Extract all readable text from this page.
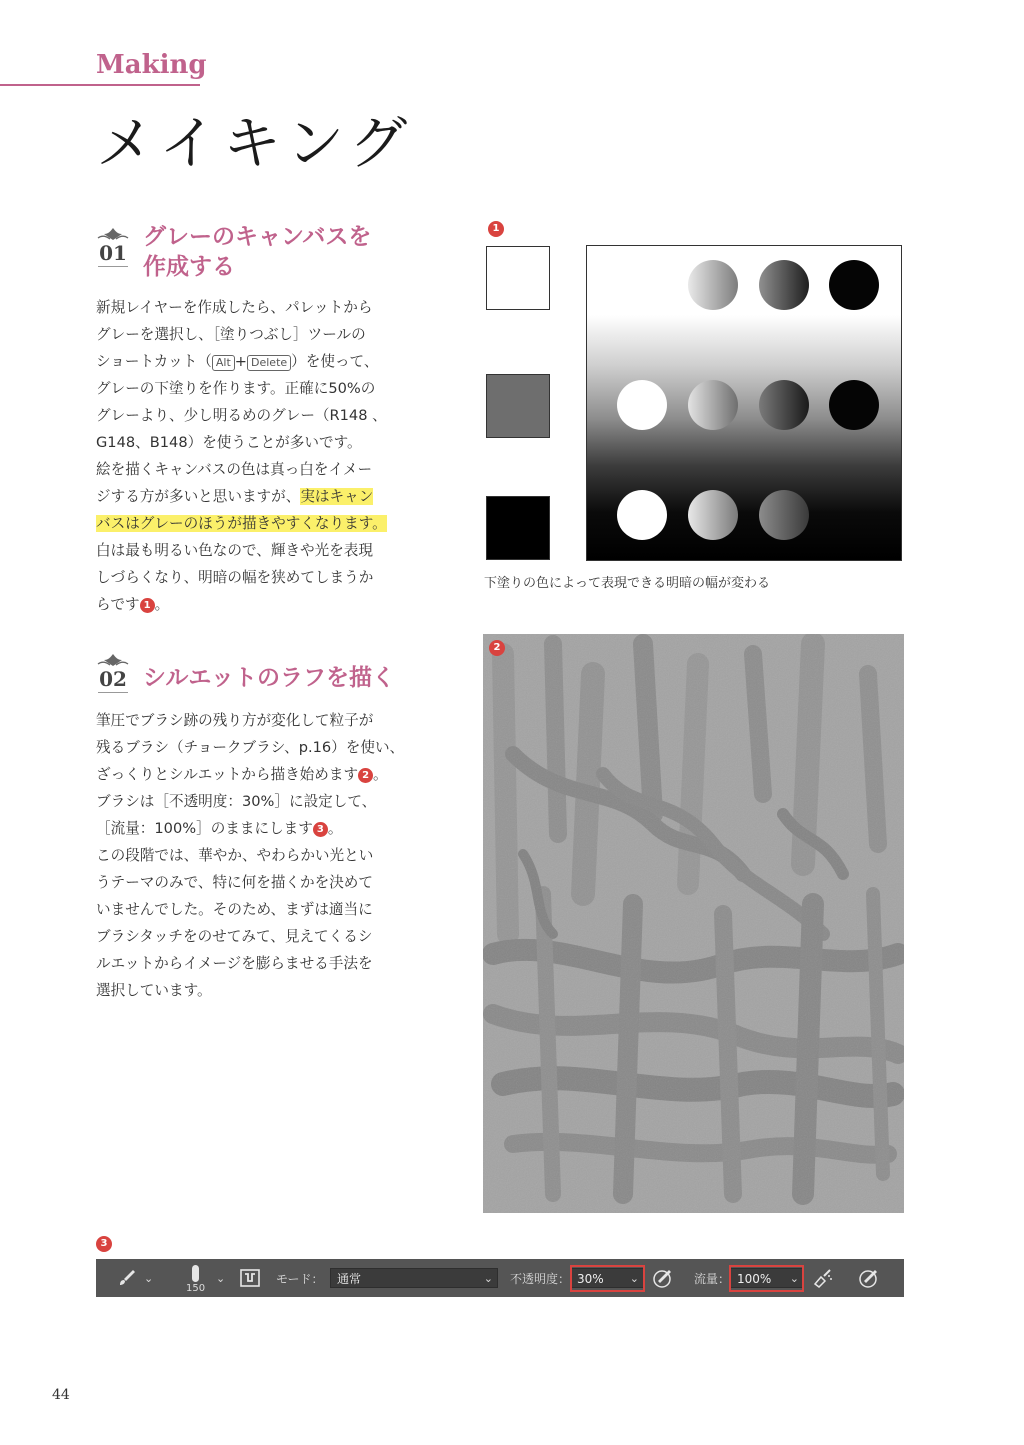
Making
メイキング
01
グレーのキャンバスを
作成する

新規レイヤーを作成したら、パレットから

グレーを選択し、［塗りつぶし］ツールの

ショートカット（ Alt + Delete ）を使って、

グレーの下塗りを作ります。正確に50%の

グレーより、少し明るめのグレー（R148 、

G148、B148）を使うことが多いです。

絵を描くキャンバスの色は真っ白をイメー

ジする方が多いと思いますが、実はキャン

バスはグレーのほうが描きやすくなります。

白は最も明るい色なので、輝きや光を表現

しづらくなり、明暗の幅を狭めてしまうか

らです 1 。

02 シルエットのラフを描く

筆圧でブラシ跡の残り方が変化して粒子が

残るブラシ（チョークブラシ、p.16）を使い、

ざっくりとシルエットから描き始めます 2 。

ブラシは［不透明度：30%］に設定して、

［流量：100%］のままにします 3 。

この段階では、華やか、やわらかい光とい

うテーマのみで、特に何を描くかを決めて

いませんでした。そのため、まずは適当に

ブラシタッチをのせてみて、見えてくるシ

ルエットからイメージを膨らませる手法を

選択しています。

1
下塗りの色によって表現できる明暗の幅が変わる
2
3
⌄
150
⌄	モード：	通常	⌄ 不透明度： 30% ⌄	流量： 100% ⌄
44
